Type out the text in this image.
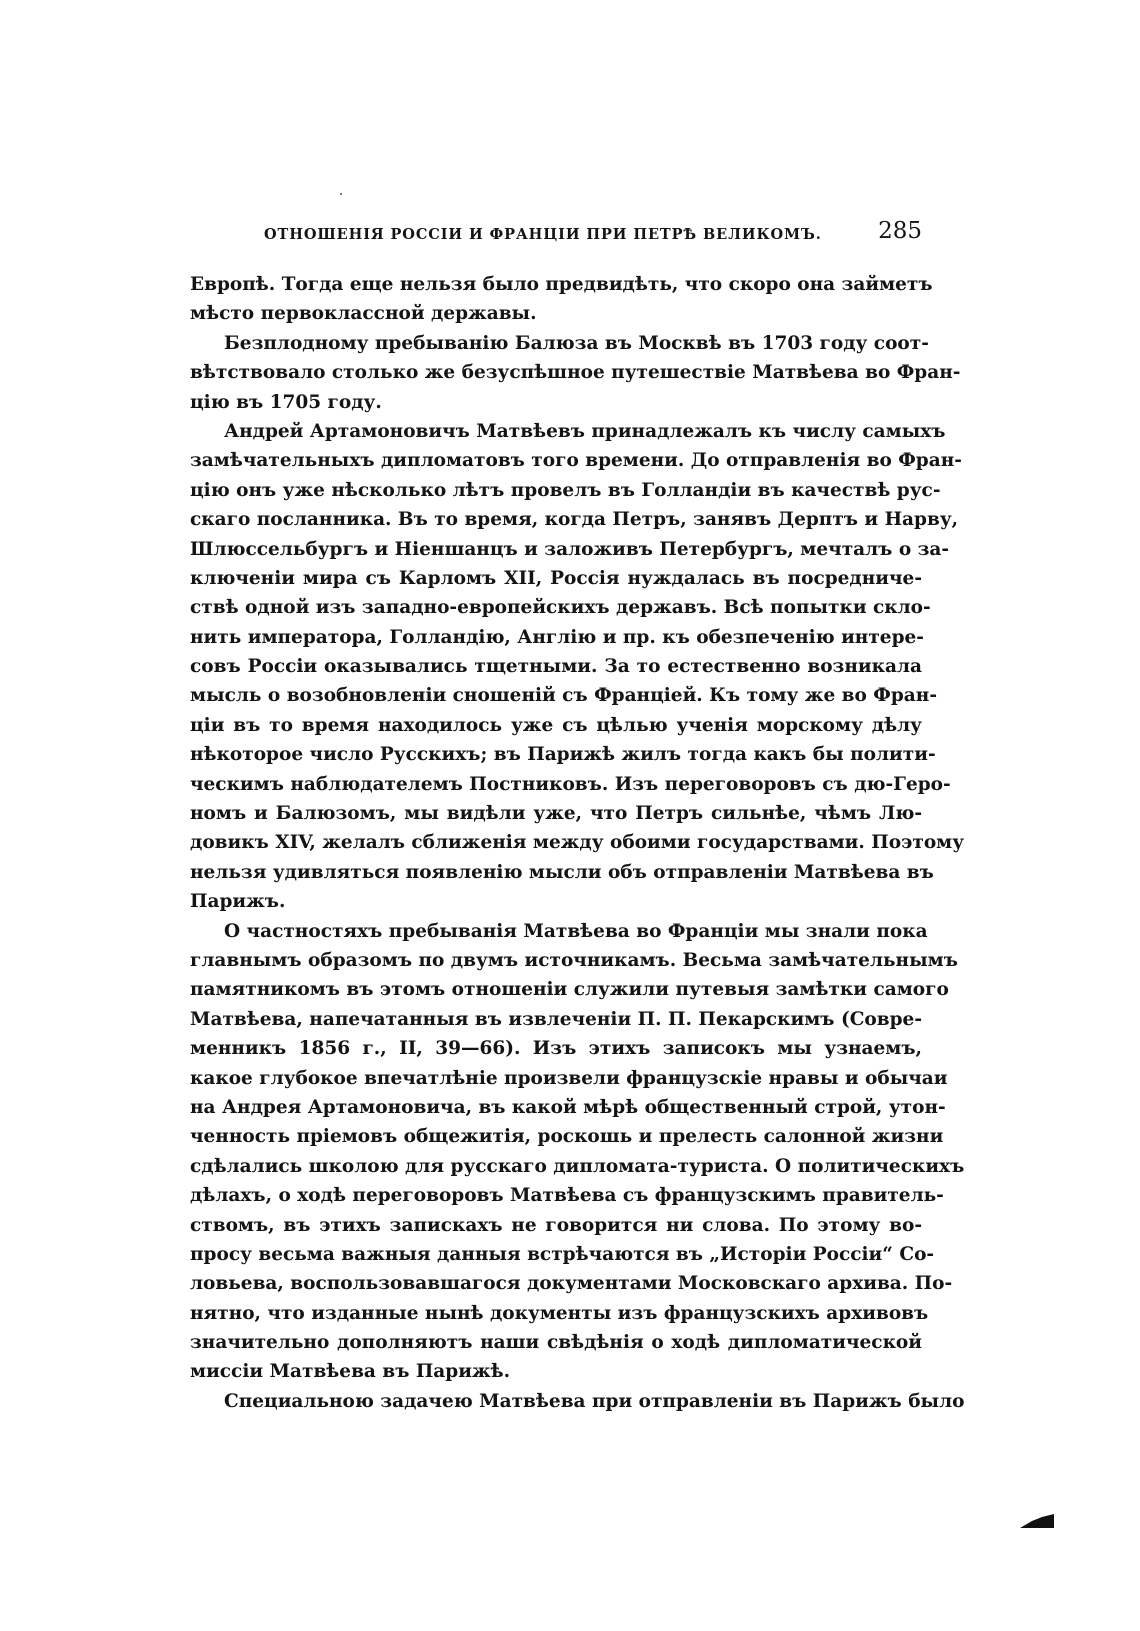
ОТНОШЕНІЯ РОССІИ И ФРАНЦІИ ПРИ ПЕТРѢ ВЕЛИКОМЪ. 285
Европѣ. Тогда еще нельзя было предвидѣть, что скоро она займетъ
мѣсто первоклассной державы.
Безплодному пребыванію Балюза въ Москвѣ въ 1703 году соот-
вѣтствовало столько же безуспѣшное путешествіе Матвѣева во Фран-
цію въ 1705 году.
Андрей Артамоновичъ Матвѣевъ принадлежалъ къ числу самыхъ
замѣчательныхъ дипломатовъ того времени. До отправленія во Фран-
цію онъ уже нѣсколько лѣтъ провелъ въ Голландіи въ качествѣ рус-
скаго посланника. Въ то время, когда Петръ, занявъ Дерптъ и Нарву,
Шлюссельбургъ и Ніеншанцъ и заложивъ Петербургъ, мечталъ о за-
ключеніи мира съ Карломъ XII, Россія нуждалась въ посредниче-
ствѣ одной изъ западно-европейскихъ державъ. Всѣ попытки скло-
нить императора, Голландію, Англію и пр. къ обезпеченію интере-
совъ Россіи оказывались тщетными. За то естественно возникала
мысль о возобновленіи сношеній съ Франціей. Къ тому же во Фран-
ціи въ то время находилось уже съ цѣлью ученія морскому дѣлу
нѣкоторое число Русскихъ; въ Парижѣ жилъ тогда какъ бы полити-
ческимъ наблюдателемъ Постниковъ. Изъ переговоровъ съ дю-Геро-
номъ и Балюзомъ, мы видѣли уже, что Петръ сильнѣе, чѣмъ Лю-
довикъ XIV, желалъ сближенія между обоими государствами. Поэтому
нельзя удивляться появленію мысли объ отправленіи Матвѣева въ
Парижъ.
О частностяхъ пребыванія Матвѣева во Франціи мы знали пока
главнымъ образомъ по двумъ источникамъ. Весьма замѣчательнымъ
памятникомъ въ этомъ отношеніи служили путевыя замѣтки самого
Матвѣева, напечатанныя въ извлеченіи П. П. Пекарскимъ (Совре-
менникъ 1856 г., II, 39—66). Изъ этихъ записокъ мы узнаемъ,
какое глубокое впечатлѣніе произвели французскіе нравы и обычаи
на Андрея Артамоновича, въ какой мѣрѣ общественный строй, утон-
ченность пріемовъ общежитія, роскошь и прелесть салонной жизни
сдѣлались школою для русскаго дипломата-туриста. О политическихъ
дѣлахъ, о ходѣ переговоровъ Матвѣева съ французскимъ правитель-
ствомъ, въ этихъ запискахъ не говорится ни слова. По этому во-
просу весьма важныя данныя встрѣчаются въ „Исторіи Россіи“ Со-
ловьева, воспользовавшагося документами Московскаго архива. По-
нятно, что изданные нынѣ документы изъ французскихъ архивовъ
значительно дополняютъ наши свѣдѣнія о ходѣ дипломатической
миссіи Матвѣева въ Парижѣ.
Специальною задачею Матвѣева при отправленіи въ Парижъ было
